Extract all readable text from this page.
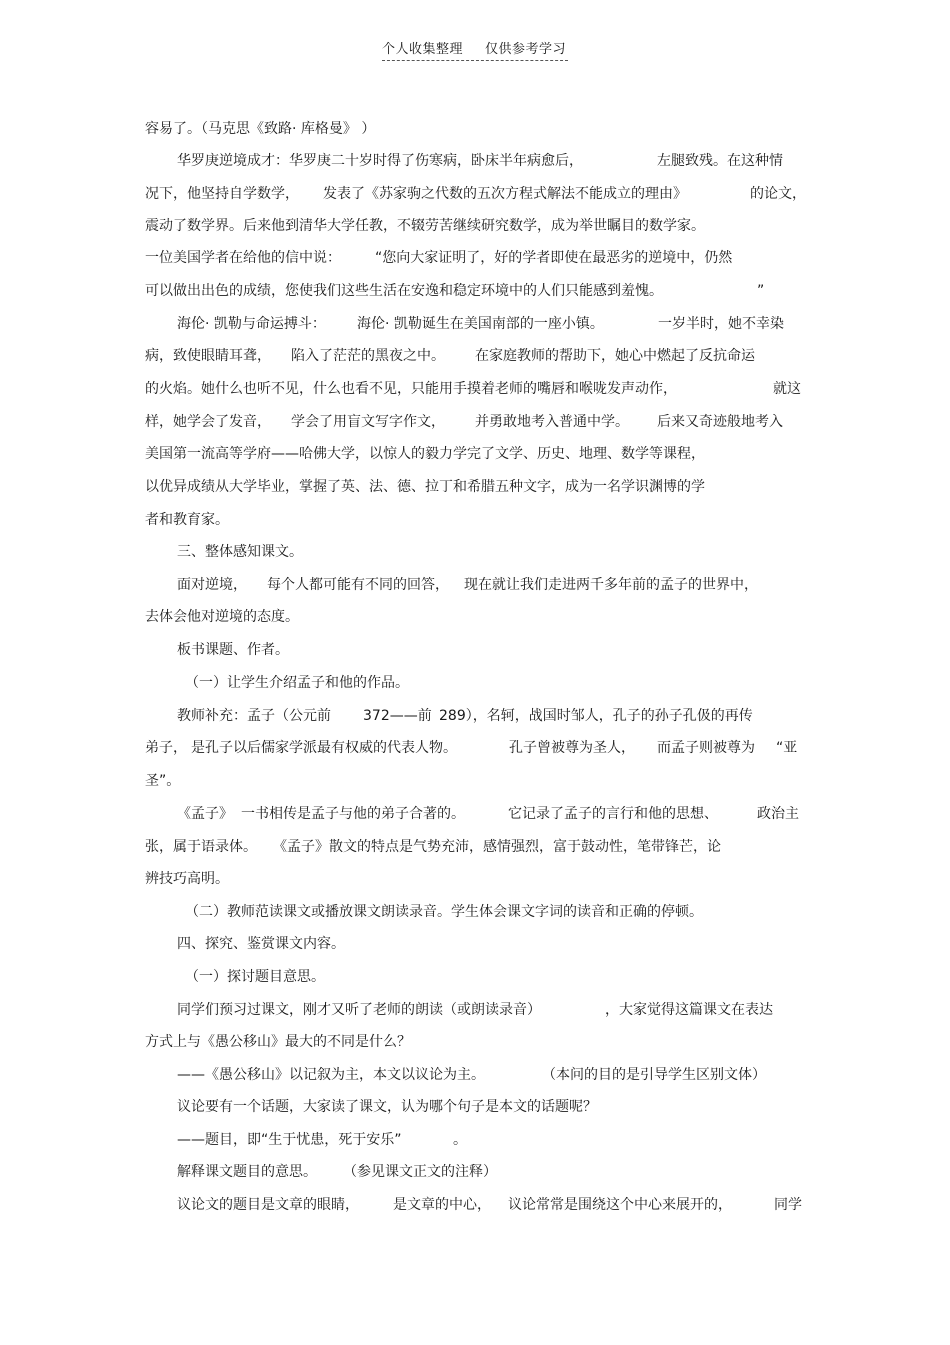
个人收集整理 仅供参考学习
容易了。（马克思《致路· 库格曼》 ）
华罗庚逆境成才：华罗庚二十岁时得了伤寒病，卧床半年病愈后，	左腿致残。在这种情
况下，他坚持自学数学， 发表了《苏家驹之代数的五次方程式解法不能成立的理由》	的论文，
震动了数学界。后来他到清华大学任教，不辍劳苦继续研究数学，成为举世瞩目的数学家。
一位美国学者在给他的信中说： “您向大家证明了，好的学者即使在最恶劣的逆境中，仍然
可以做出出色的成绩，您使我们这些生活在安逸和稳定环境中的人们只能感到羞愧。	”
海伦· 凯勒与命运搏斗： 海伦· 凯勒诞生在美国南部的一座小镇。	一岁半时，她不幸染
病，致使眼睛耳聋， 陷入了茫茫的黑夜之中。 在家庭教师的帮助下，她心中燃起了反抗命运
的火焰。她什么也听不见，什么也看不见，只能用手摸着老师的嘴唇和喉咙发声动作，	就这
样，她学会了发音， 学会了用盲文写字作文， 并勇敢地考入普通中学。 后来又奇迹般地考入
美国第一流高等学府——哈佛大学，以惊人的毅力学完了文学、历史、地理、数学等课程，
以优异成绩从大学毕业，掌握了英、法、德、拉丁和希腊五种文字，成为一名学识渊博的学
者和教育家。
三、整体感知课文。
面对逆境， 每个人都可能有不同的回答， 现在就让我们走进两千多年前的孟子的世界中，
去体会他对逆境的态度。
板书课题、作者。
（一）让学生介绍孟子和他的作品。
教师补充：孟子（公元前 372——前 289），名轲，战国时邹人，孔子的孙子孔伋的再传
弟子， 是孔子以后儒家学派最有权威的代表人物。	孔子曾被尊为圣人， 而孟子则被尊为 “亚
圣”。
《孟子》 一书相传是孟子与他的弟子合著的。	它记录了孟子的言行和他的思想、	政治主
张，属于语录体。 《孟子》散文的特点是气势充沛，感情强烈，富于鼓动性，笔带锋芒，论
辨技巧高明。
（二）教师范读课文或播放课文朗读录音。学生体会课文字词的读音和正确的停顿。
四、探究、鉴赏课文内容。
（一）探讨题目意思。
同学们预习过课文，刚才又听了老师的朗读（或朗读录音）	，大家觉得这篇课文在表达
方式上与《愚公移山》最大的不同是什么？
——《愚公移山》以记叙为主，本文以议论为主。	（本问的目的是引导学生区别文体）
议论要有一个话题，大家读了课文，认为哪个句子是本文的话题呢？
——题目，即“生于忧患，死于安乐”	。
解释课文题目的意思。 （参见课文正文的注释）
议论文的题目是文章的眼睛， 是文章的中心， 议论常常是围绕这个中心来展开的，	同学
